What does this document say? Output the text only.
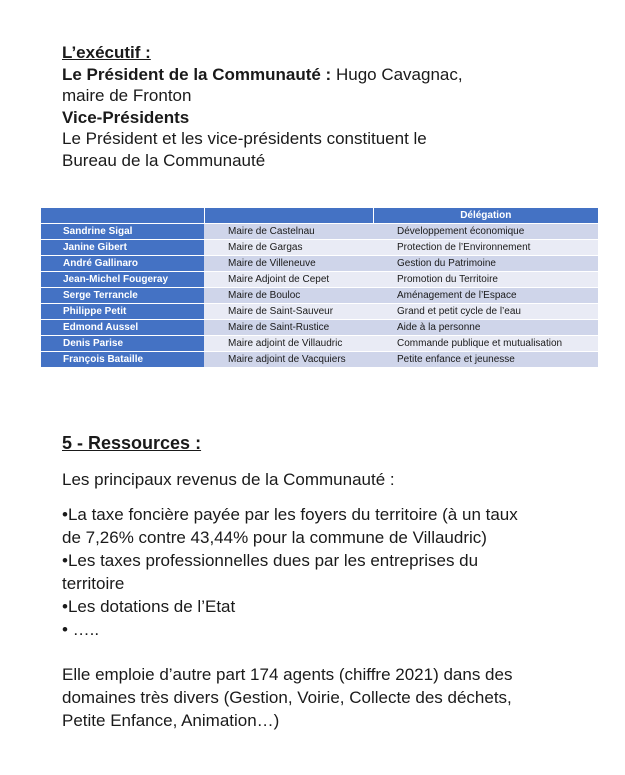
L’exécutif :
Le Président de la Communauté : Hugo Cavagnac,
maire de Fronton
Vice-Présidents
Le Président et les vice-présidents constituent le
Bureau de la Communauté
		Délégation
Sandrine Sigal	Maire de Castelnau	Développement économique
Janine Gibert	Maire de Gargas	Protection de l’Environnement
André Gallinaro	Maire de Villeneuve	Gestion du Patrimoine
Jean-Michel Fougeray	Maire Adjoint de Cepet	Promotion du Territoire
Serge Terrancle	Maire de Bouloc	Aménagement de l’Espace
Philippe Petit	Maire de Saint-Sauveur	Grand et petit cycle de l’eau
Edmond Aussel	Maire de Saint-Rustice	Aide à la personne
Denis Parise	Maire adjoint de Villaudric	Commande publique et mutualisation
François Bataille	Maire adjoint de Vacquiers	Petite enfance et jeunesse
5 - Ressources :

Les principaux revenus de la Communauté :

•La taxe foncière payée par les foyers du territoire (à un taux

de 7,26% contre 43,44% pour la commune de Villaudric)

•Les taxes professionnelles dues par les entreprises du

territoire

•Les dotations de l’Etat

• …..

Elle emploie d’autre part 174 agents (chiffre 2021) dans des

domaines très divers (Gestion, Voirie, Collecte des déchets,

Petite Enfance, Animation…)
